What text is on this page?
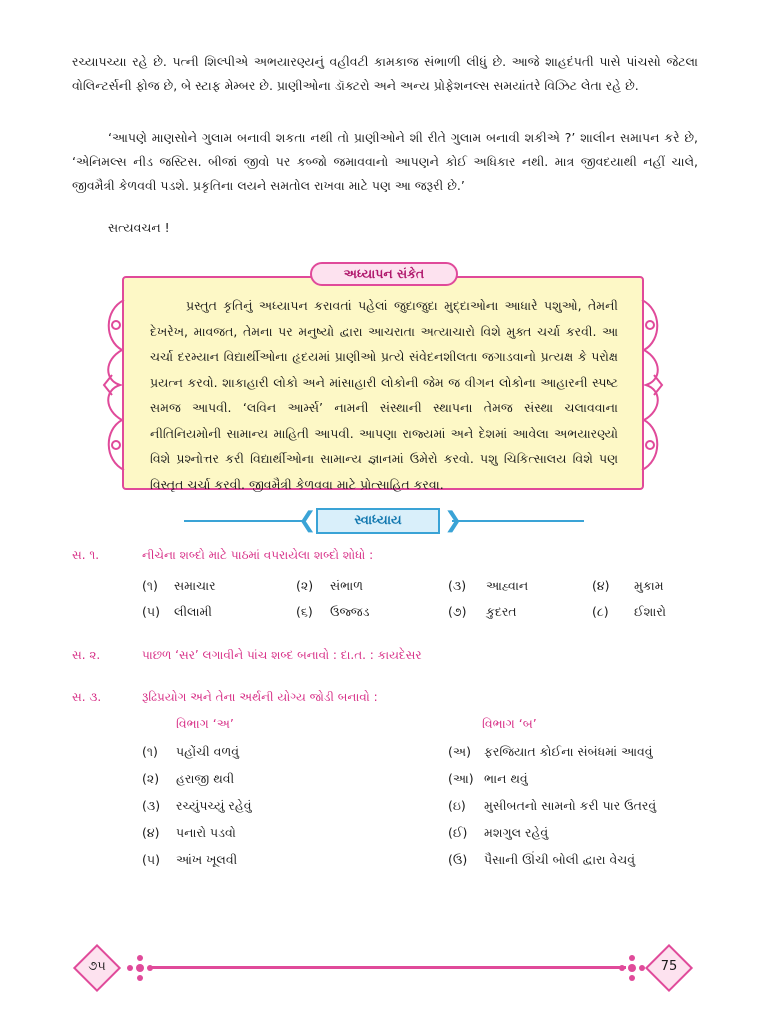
રચ્યાપચ્યા રહે છે. પત્ની શિલ્પીએ અભયારણ્યનું વહીવટી કામકાજ સંભાળી લીધું છે. આજે શાહદંપતી પાસે પાંચસો જેટલા વોલિન્ટર્સની ફોજ છે, બે સ્ટાફ મેમ્બર છે. પ્રાણીઓના ડૉક્ટરો અને અન્ય પ્રોફેશનલ્સ સમયાંતરે વિઝિટ લેતા રહે છે.
‘આપણે માણસોને ગુલામ બનાવી શકતા નથી તો પ્રાણીઓને શી રીતે ગુલામ બનાવી શકીએ ?’ શાલીન સમાપન કરે છે, ‘એનિમલ્સ નીડ જસ્ટિસ. બીજાં જીવો પર કબ્જો જમાવવાનો આપણને કોઈ અધિકાર નથી. માત્ર જીવદયાથી નહીં ચાલે, જીવમૈત્રી કેળવવી પડશે. પ્રકૃતિના લયને સમતોલ રાખવા માટે પણ આ જરૂરી છે.’
સત્યવચન !
અધ્યાપન સંકેત
પ્રસ્તુત કૃતિનું અધ્યાપન કરાવતાં પહેલાં જુદાજુદા મુદ્દાઓના આધારે પશુઓ, તેમની દેખરેખ, માવજત, તેમના પર મનુષ્યો દ્વારા આચરાતા અત્યાચારો વિશે મુક્ત ચર્ચા કરવી. આ ચર્ચા દરમ્યાન વિદ્યાર્થીઓના હૃદયમાં પ્રાણીઓ પ્રત્યે સંવેદનશીલતા જગાડવાનો પ્રત્યક્ષ કે પરોક્ષ પ્રયત્ન કરવો. શાકાહારી લોકો અને માંસાહારી લોકોની જેમ જ વીગન લોકોના આહારની સ્પષ્ટ સમજ આપવી. ‘લવિન આર્મ્સ’ નામની સંસ્થાની સ્થાપના તેમજ સંસ્થા ચલાવવાના નીતિનિયમોની સામાન્ય માહિતી આપવી. આપણા રાજ્યમાં અને દેશમાં આવેલા અભયારણ્યો વિશે પ્રશ્નોત્તર કરી વિદ્યાર્થીઓના સામાન્ય જ્ઞાનમાં ઉમેરો કરવો. પશુ ચિકિત્સાલય વિશે પણ વિસ્તૃત ચર્ચા કરવી. જીવમૈત્રી કેળવવા માટે પ્રોત્સાહિત કરવા.
❮	❯
સ્વાધ્યાય
સ. ૧.	નીચેના શબ્દો માટે પાઠમાં વપરાયેલા શબ્દો શોધો :
(૧) સમાચાર	(૨) સંભાળ	(૩) આહ્વાન	(૪) મુકામ
(૫) લીલામી	(૬) ઉજ્જડ	(૭) કુદરત	(૮) ઈશારો
સ. ૨.	પાછળ ‘સર’ લગાવીને પાંચ શબ્દ બનાવો : દા.ત. : કાયદેસર
સ. ૩.	રૂઢિપ્રયોગ અને તેના અર્થની યોગ્ય જોડી બનાવો :
વિભાગ ‘અ’	વિભાગ ‘બ’
(૧) પહોંચી વળવું	(અ) ફરજિયાત કોઈના સંબંધમાં આવવું
(૨) હરાજી થવી	(આ) ભાન થવું
(૩) રચ્યુંપચ્યું રહેવું	(ઇ) મુસીબતનો સામનો કરી પાર ઉતરવું
(૪) પનારો પડવો	(ઈ) મશગુલ રહેવું
(૫) આંખ ખૂલવી	(ઉ) પૈસાની ઊંચી બોલી દ્વારા વેચવું
૭૫	75
